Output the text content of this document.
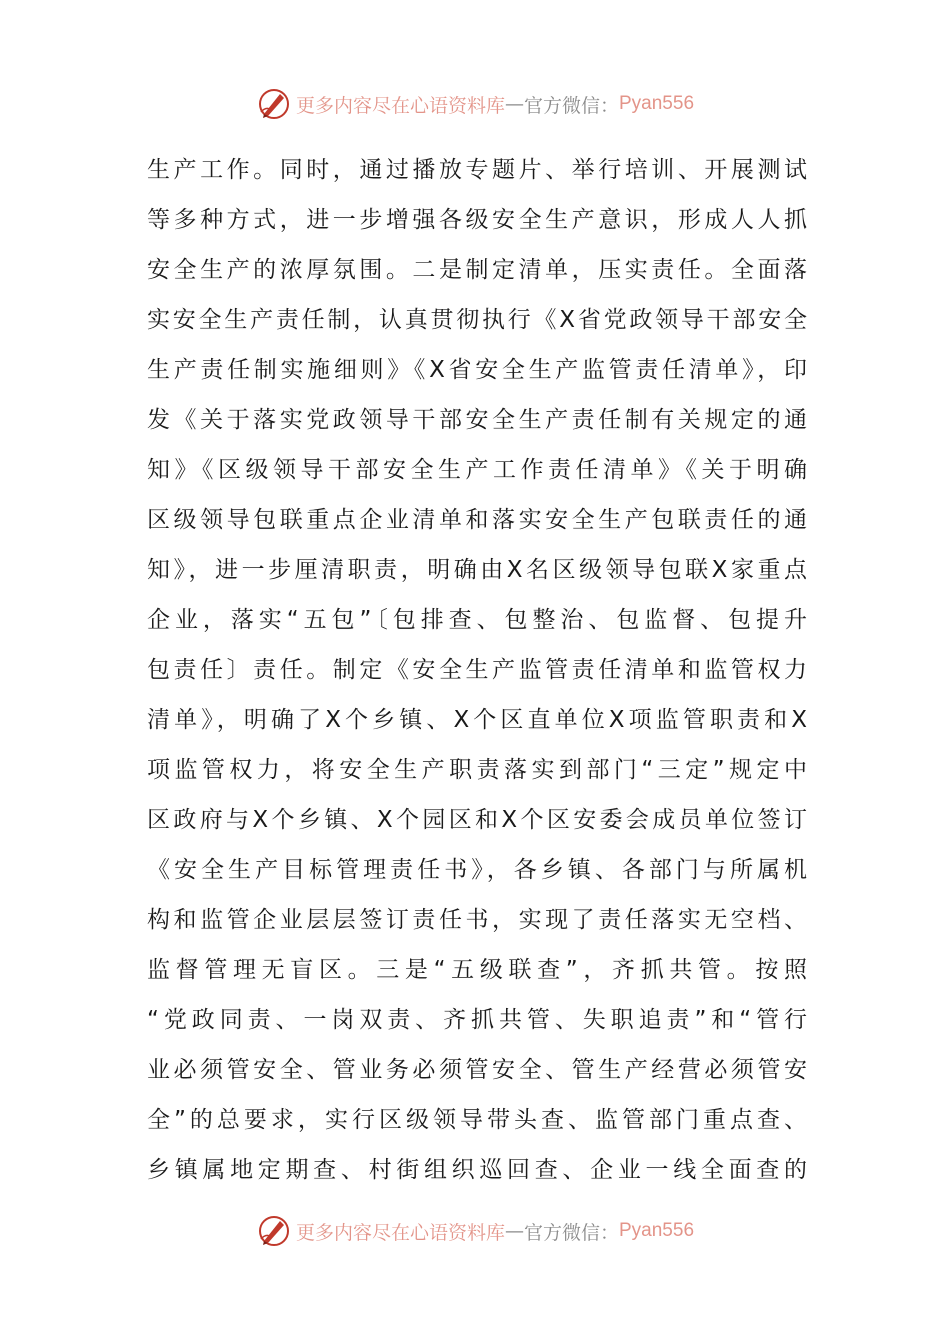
更多内容尽在心语资料库 — 官方微信： Pyan556
生产工作。同时，通过播放专题片、举行培训、开展测试
等多种方式，进一步增强各级安全生产意识，形成人人抓
安全生产的浓厚氛围。二是制定清单，压实责任。全面落
实安全生产责任制，认真贯彻执行《X省党政领导干部安全
生产责任制实施细则》《X省安全生产监管责任清单》，印
发《关于落实党政领导干部安全生产责任制有关规定的通
知》《区级领导干部安全生产工作责任清单》《关于明确
区级领导包联重点企业清单和落实安全生产包联责任的通
知》，进一步厘清职责，明确由X名区级领导包联X家重点
企业，落实“五包”〔包排查、包整治、包监督、包提升
包责任〕责任。制定《安全生产监管责任清单和监管权力
清单》，明确了X个乡镇、X个区直单位X项监管职责和X
项监管权力，将安全生产职责落实到部门“三定”规定中
区政府与X个乡镇、X个园区和X个区安委会成员单位签订
《安全生产目标管理责任书》，各乡镇、各部门与所属机
构和监管企业层层签订责任书，实现了责任落实无空档、
监督管理无盲区。三是“五级联查”，齐抓共管。按照
“党政同责、一岗双责、齐抓共管、失职追责”和“管行
业必须管安全、管业务必须管安全、管生产经营必须管安
全”的总要求，实行区级领导带头查、监管部门重点查、
乡镇属地定期查、村街组织巡回查、企业一线全面查的
更多内容尽在心语资料库 — 官方微信： Pyan556
